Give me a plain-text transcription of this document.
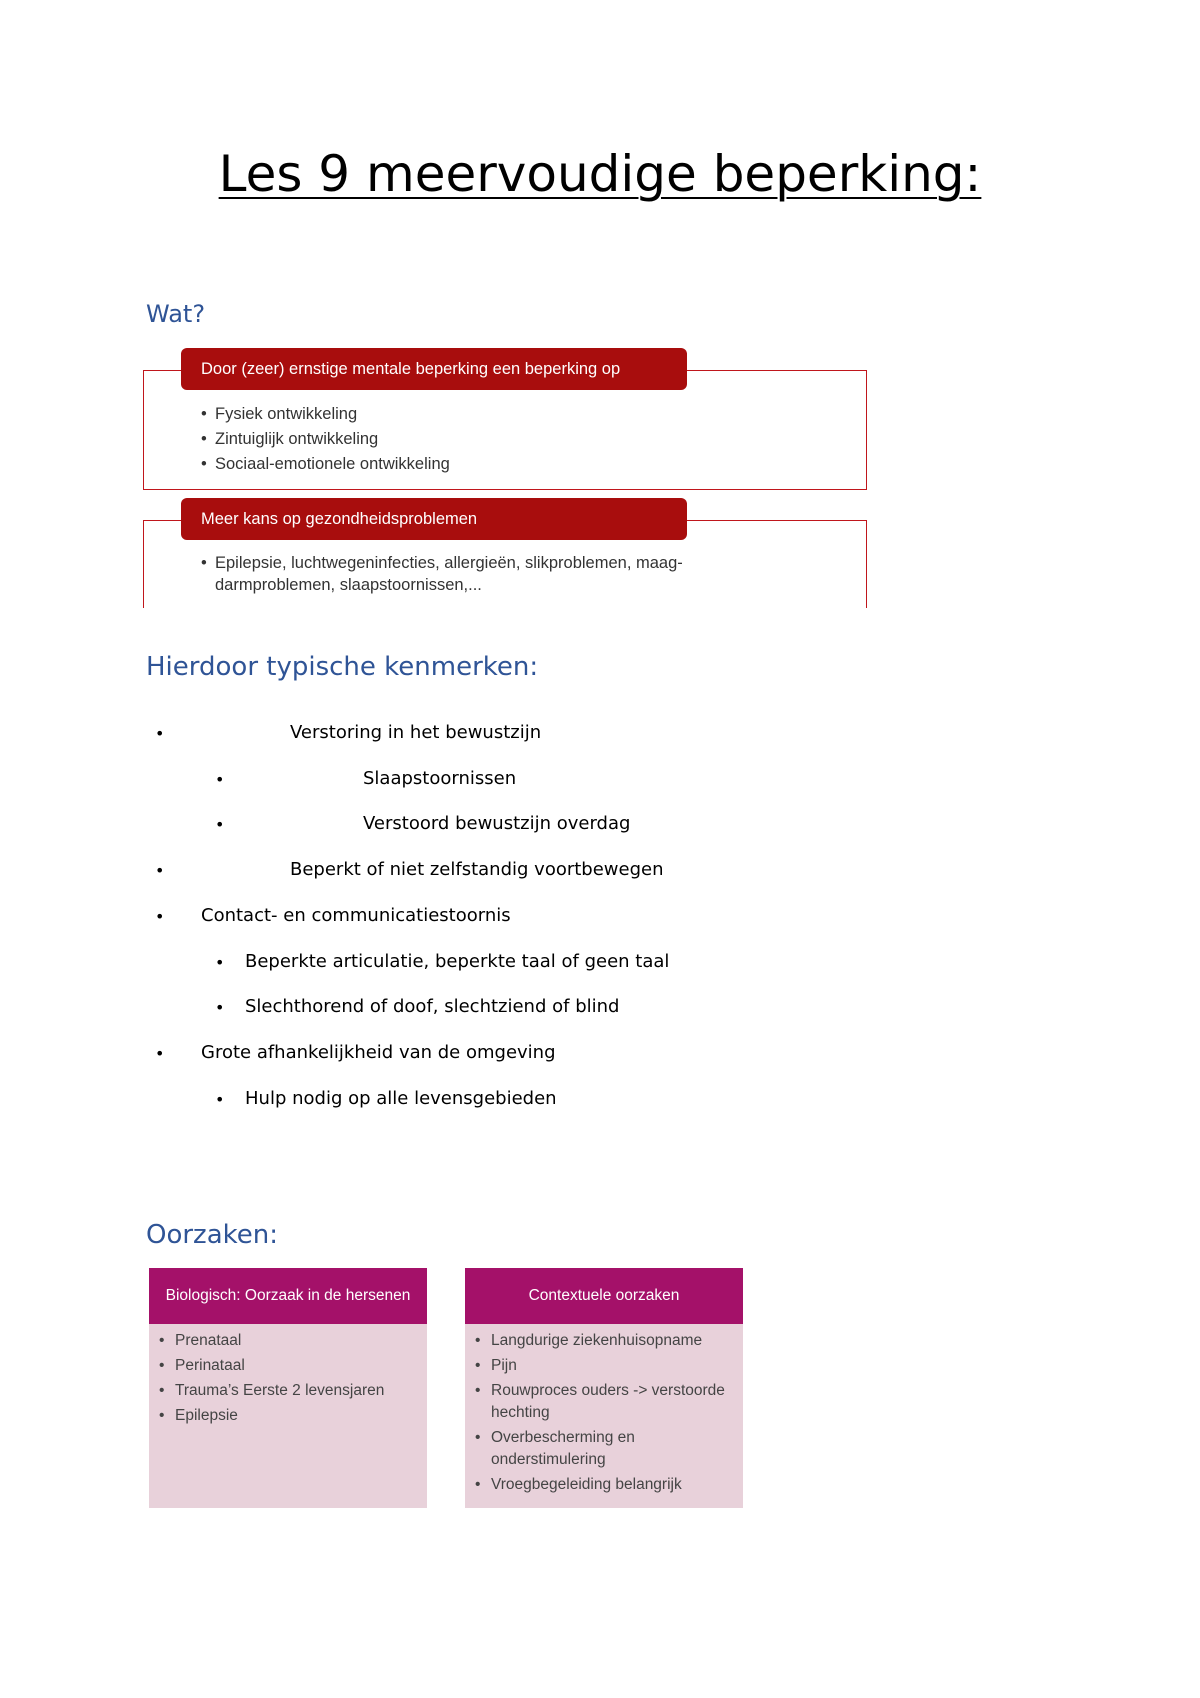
Les 9 meervoudige beperking:
Wat?
Door (zeer) ernstige mentale beperking een beperking op
• Fysiek ontwikkeling
• Zintuiglijk ontwikkeling
• Sociaal-emotionele ontwikkeling
Meer kans op gezondheidsproblemen
• Epilepsie, luchtwegeninfecties, allergieën, slikproblemen, maag-darmproblemen, slaapstoornissen,...
Hierdoor typische kenmerken:
•	Verstoring in het bewustzijn
•	Slaapstoornissen
•	Verstoord bewustzijn overdag
•	Beperkt of niet zelfstandig voortbewegen
• Contact- en communicatiestoornis
• Beperkte articulatie, beperkte taal of geen taal
• Slechthorend of doof, slechtziend of blind
• Grote afhankelijkheid van de omgeving
• Hulp nodig op alle levensgebieden
Oorzaken:
Biologisch: Oorzaak in de hersenen
• Prenataal
• Perinataal
• Trauma’s Eerste 2 levensjaren
• Epilepsie
Contextuele oorzaken
• Langdurige ziekenhuisopname
• Pijn
• Rouwproces ouders -> verstoorde hechting
• Overbescherming en onderstimulering
• Vroegbegeleiding belangrijk
